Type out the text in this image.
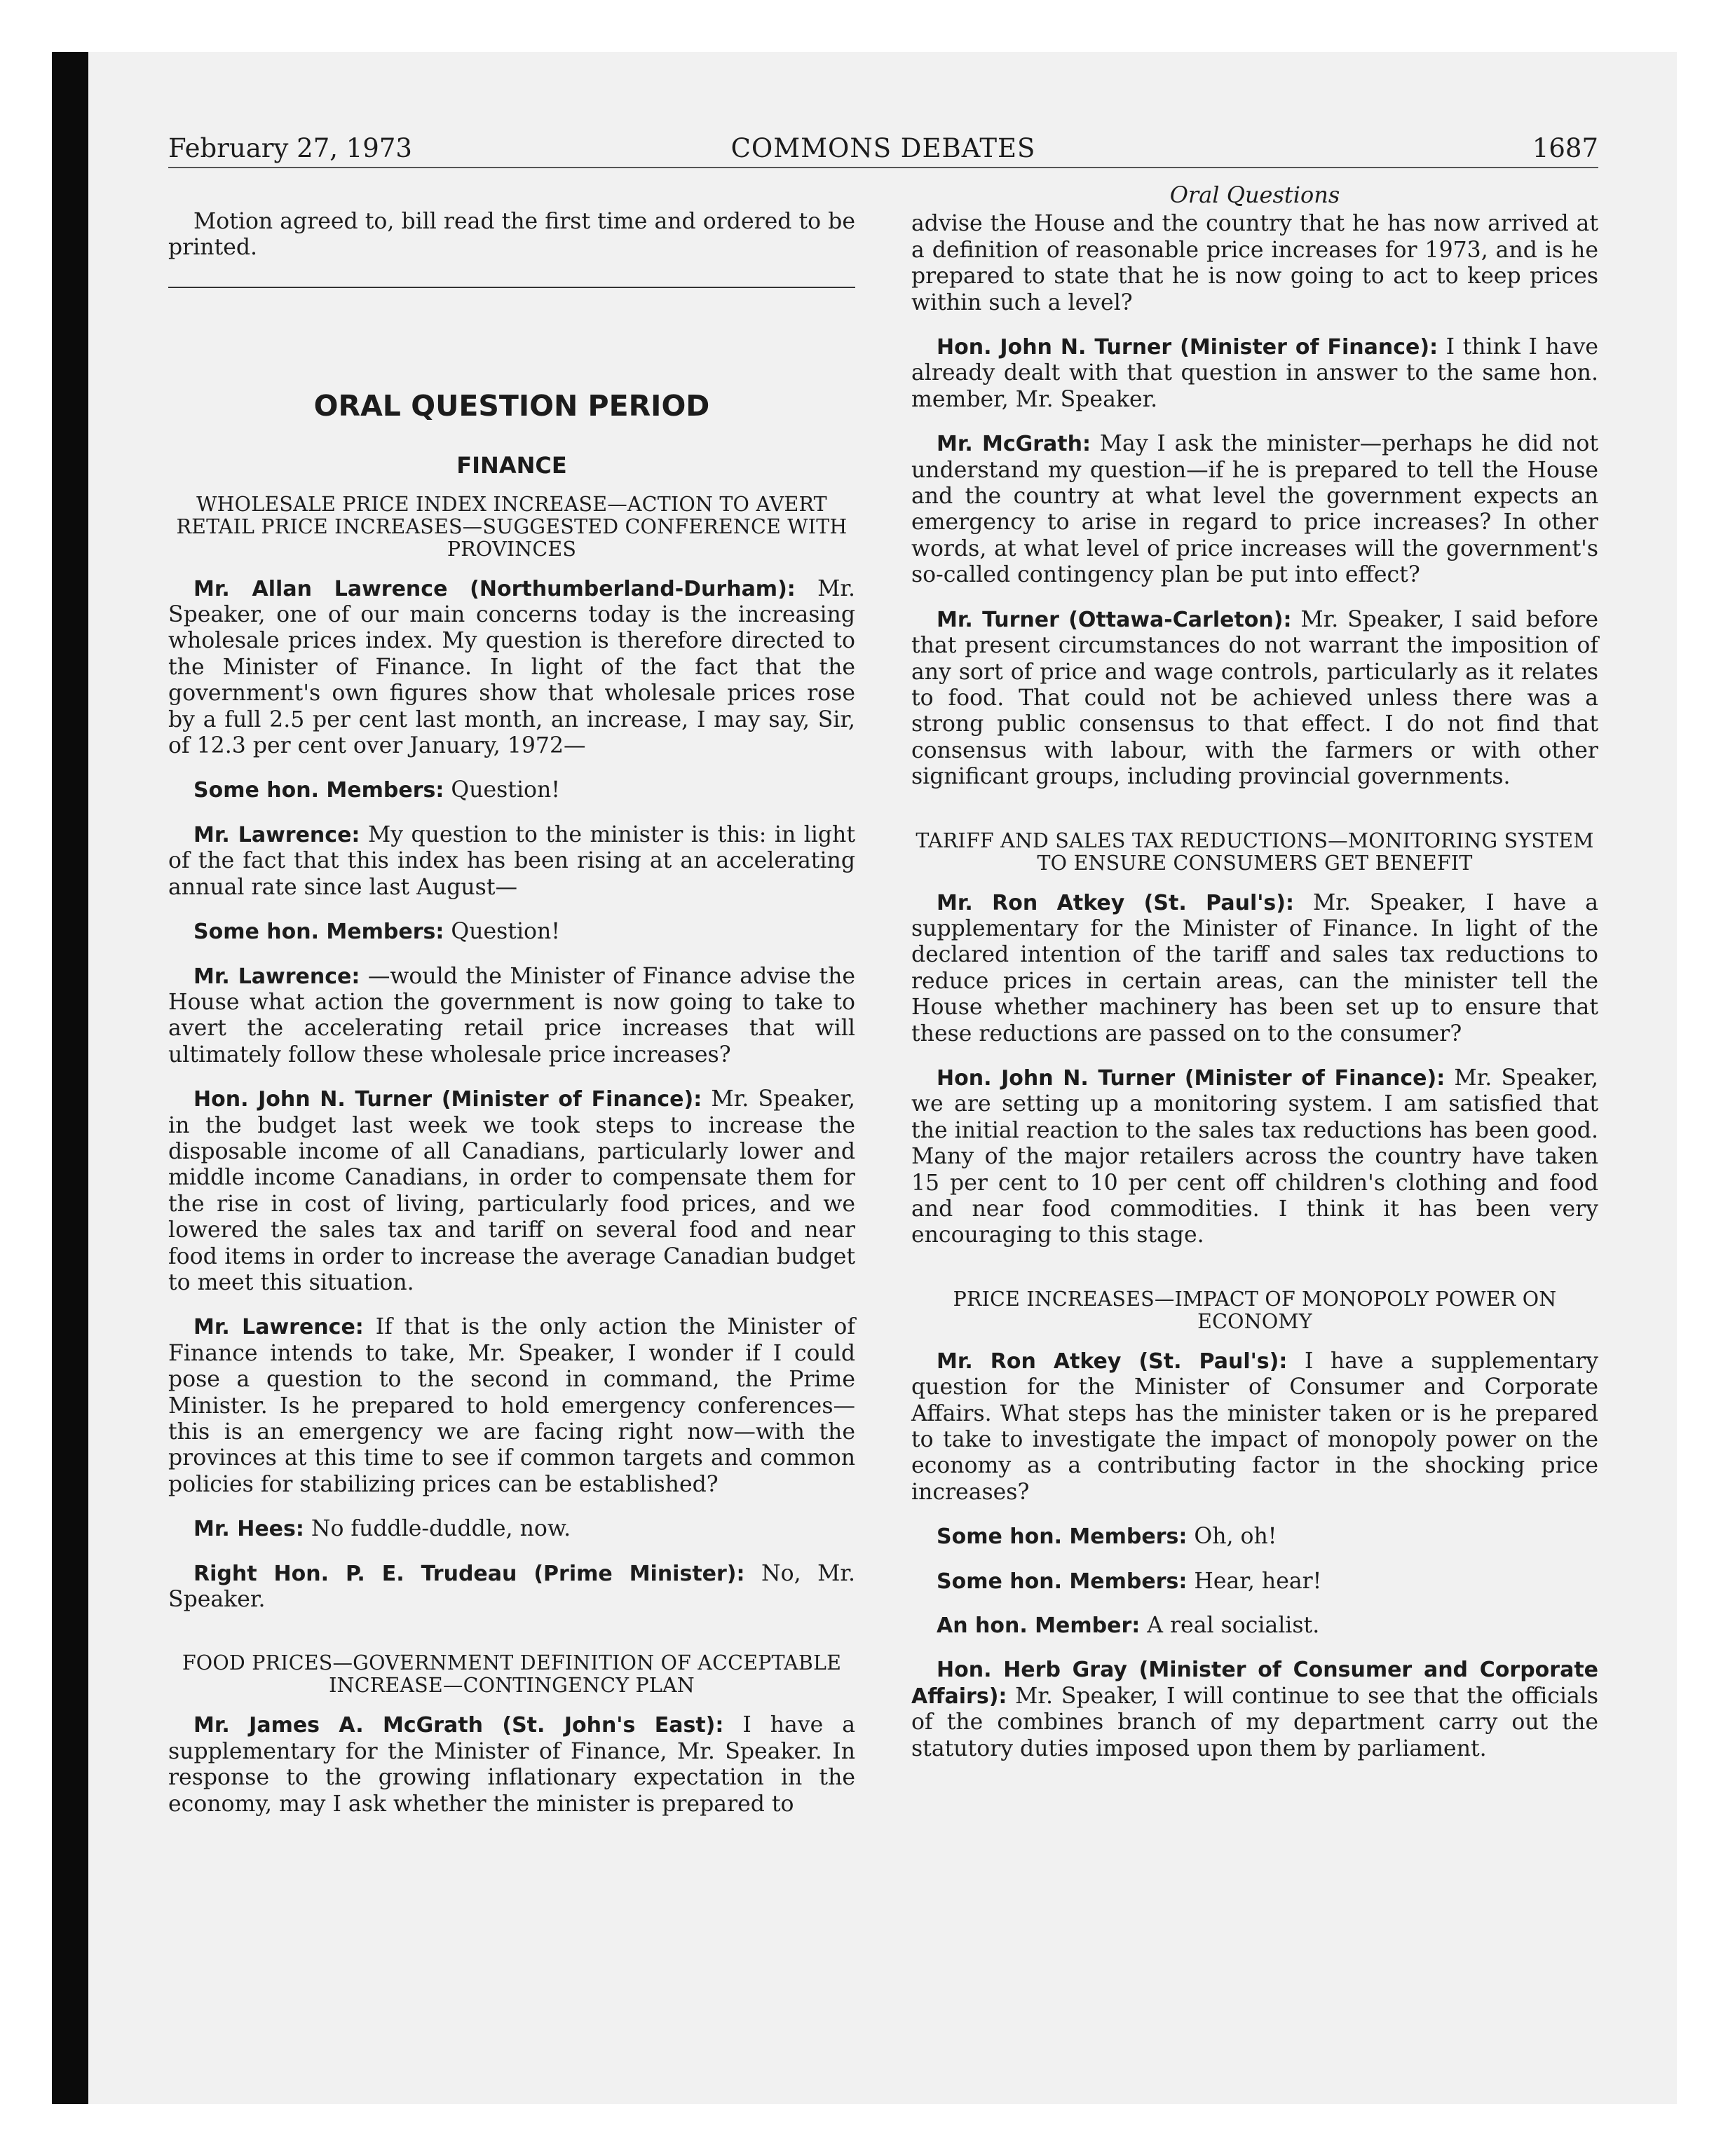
February 27, 1973	COMMONS DEBATES	1687

Motion agreed to, bill read the first time and ordered to be printed.

ORAL QUESTION PERIOD
FINANCE
WHOLESALE PRICE INDEX INCREASE—ACTION TO AVERT RETAIL PRICE INCREASES—SUGGESTED CONFERENCE WITH PROVINCES

Mr. Allan Lawrence (Northumberland-Durham): Mr. Speaker, one of our main concerns today is the increasing wholesale prices index. My question is therefore directed to the Minister of Finance. In light of the fact that the government's own figures show that wholesale prices rose by a full 2.5 per cent last month, an increase, I may say, Sir, of 12.3 per cent over January, 1972—

Some hon. Members: Question!

Mr. Lawrence: My question to the minister is this: in light of the fact that this index has been rising at an accelerating annual rate since last August—

Some hon. Members: Question!

Mr. Lawrence: —would the Minister of Finance advise the House what action the government is now going to take to avert the accelerating retail price increases that will ultimately follow these wholesale price increases?

Hon. John N. Turner (Minister of Finance): Mr. Speaker, in the budget last week we took steps to increase the disposable income of all Canadians, particularly lower and middle income Canadians, in order to compensate them for the rise in cost of living, particularly food prices, and we lowered the sales tax and tariff on several food and near food items in order to increase the average Canadian budget to meet this situation.

Mr. Lawrence: If that is the only action the Minister of Finance intends to take, Mr. Speaker, I wonder if I could pose a question to the second in command, the Prime Minister. Is he prepared to hold emergency conferences—this is an emergency we are facing right now—with the provinces at this time to see if common targets and common policies for stabilizing prices can be established?

Mr. Hees: No fuddle-duddle, now.

Right Hon. P. E. Trudeau (Prime Minister): No, Mr. Speaker.

FOOD PRICES—GOVERNMENT DEFINITION OF ACCEPTABLE INCREASE—CONTINGENCY PLAN

Mr. James A. McGrath (St. John's East): I have a supplementary for the Minister of Finance, Mr. Speaker. In response to the growing inflationary expectation in the economy, may I ask whether the minister is prepared to

Oral Questions

advise the House and the country that he has now arrived at a definition of reasonable price increases for 1973, and is he prepared to state that he is now going to act to keep prices within such a level?

Hon. John N. Turner (Minister of Finance): I think I have already dealt with that question in answer to the same hon. member, Mr. Speaker.

Mr. McGrath: May I ask the minister—perhaps he did not understand my question—if he is prepared to tell the House and the country at what level the government expects an emergency to arise in regard to price increases? In other words, at what level of price increases will the government's so-called contingency plan be put into effect?

Mr. Turner (Ottawa-Carleton): Mr. Speaker, I said before that present circumstances do not warrant the imposition of any sort of price and wage controls, particularly as it relates to food. That could not be achieved unless there was a strong public consensus to that effect. I do not find that consensus with labour, with the farmers or with other significant groups, including provincial governments.

TARIFF AND SALES TAX REDUCTIONS—MONITORING SYSTEM TO ENSURE CONSUMERS GET BENEFIT

Mr. Ron Atkey (St. Paul's): Mr. Speaker, I have a supplementary for the Minister of Finance. In light of the declared intention of the tariff and sales tax reductions to reduce prices in certain areas, can the minister tell the House whether machinery has been set up to ensure that these reductions are passed on to the consumer?

Hon. John N. Turner (Minister of Finance): Mr. Speaker, we are setting up a monitoring system. I am satisfied that the initial reaction to the sales tax reductions has been good. Many of the major retailers across the country have taken 15 per cent to 10 per cent off children's clothing and food and near food commodities. I think it has been very encouraging to this stage.

PRICE INCREASES—IMPACT OF MONOPOLY POWER ON ECONOMY

Mr. Ron Atkey (St. Paul's): I have a supplementary question for the Minister of Consumer and Corporate Affairs. What steps has the minister taken or is he prepared to take to investigate the impact of monopoly power on the economy as a contributing factor in the shocking price increases?

Some hon. Members: Oh, oh!

Some hon. Members: Hear, hear!

An hon. Member: A real socialist.

Hon. Herb Gray (Minister of Consumer and Corporate Affairs): Mr. Speaker, I will continue to see that the officials of the combines branch of my department carry out the statutory duties imposed upon them by parliament.
